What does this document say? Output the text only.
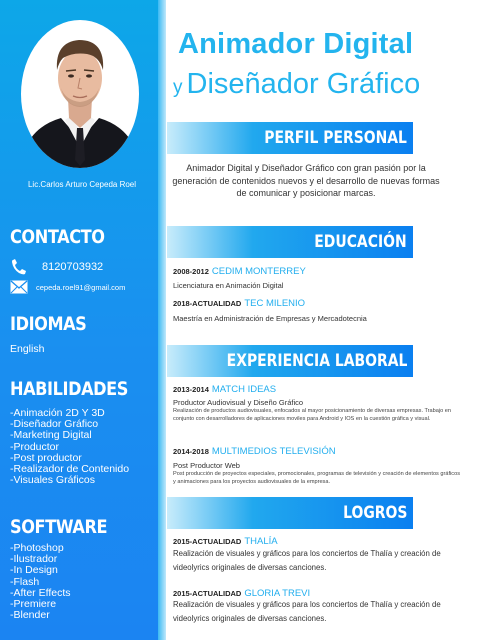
Lic.Carlos Arturo Cepeda Roel
CONTACTO
8120703932
cepeda.roel91@gmail.com
IDIOMAS
English
HABILIDADES
-Animación 2D Y 3D
-Diseñador Gráfico
-Marketing Digital
-Productor
-Post productor
-Realizador de Contenido
-Visuales Gráficos
SOFTWARE
-Photoshop
-Ilustrador
-In Design
-Flash
-After Effects
-Premiere
-Blender
Animador Digital
y Diseñador Gráfico
PERFIL PERSONAL
Animador Digital y Diseñador Gráfico con gran pasión por la generación de contenidos nuevos y el desarrollo de nuevas formas de comunicar y posicionar marcas.
EDUCACIÓN
2008-2012 CEDIM MONTERREY
Licenciatura en Animación Digital
2018-ACTUALIDAD TEC MILENIO
Maestría en Administración de Empresas y Mercadotecnia
EXPERIENCIA LABORAL
2013-2014 MATCH IDEAS
Productor Audiovisual y Diseño Gráfico
Realización de productos audiovisuales, enfocados al mayor posicionamiento de diversas empresas. Trabajo en conjunto con desarrolladores de aplicaciones moviles para Android y IOS en la cuestión gráfica y visual.
2014-2018 MULTIMEDIOS TELEVISIÓN
Post Productor Web
Post producción de proyectos especiales, promocionales, programas de televisión y creación de elementos gráficos y animaciones para los proyectos audiovisuales de la empresa.
LOGROS
2015-ACTUALIDAD THALÍA
Realización de visuales y gráficos para los conciertos de Thalía y creación de videolyrics originales de diversas canciones.
2015-ACTUALIDAD GLORIA TREVI
Realización de visuales y gráficos para los conciertos de Thalía y creación de videolyrics originales de diversas canciones.
